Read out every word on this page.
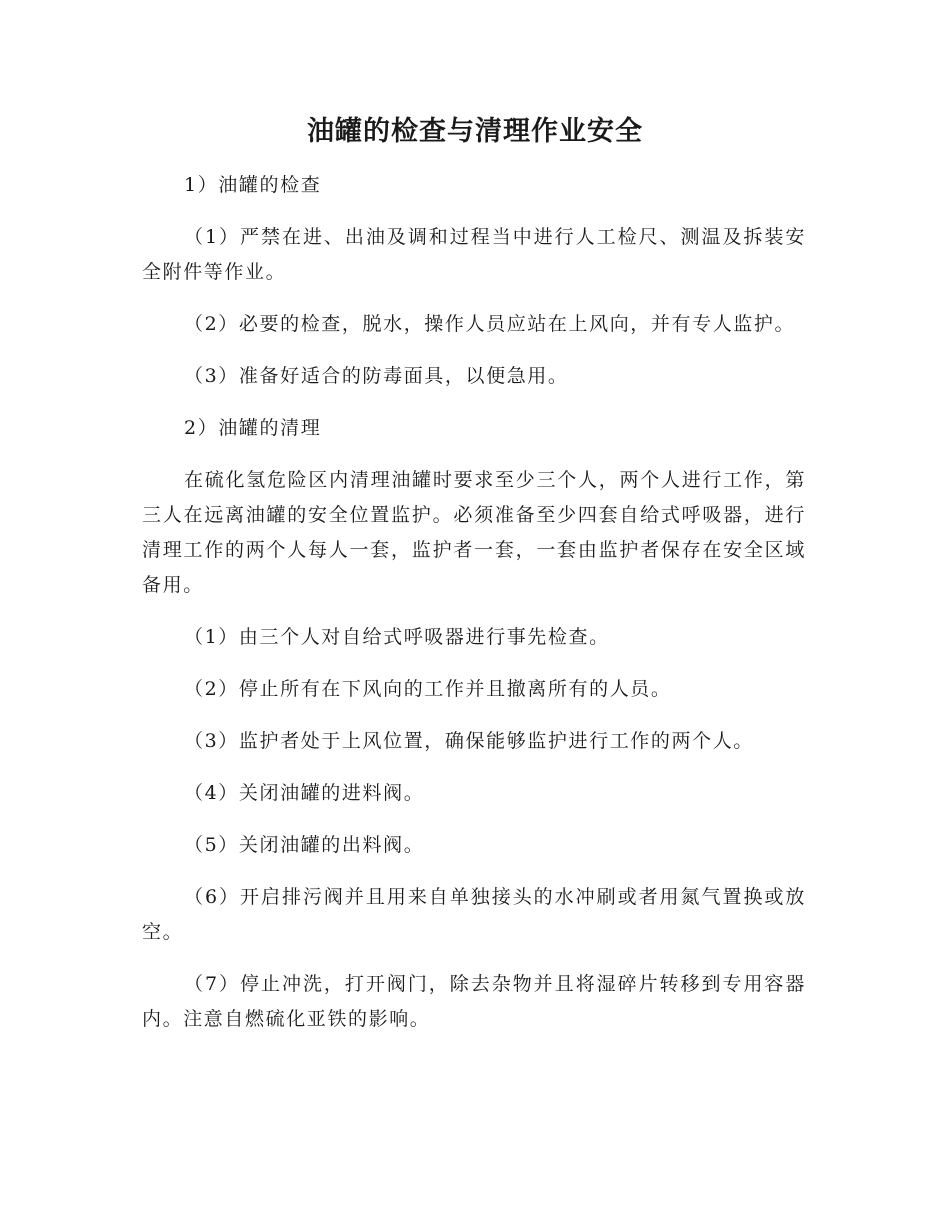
油罐的检查与清理作业安全

1）油罐的检查

（1）严禁在进、出油及调和过程当中进行人工检尺、测温及拆装安全附件等作业。

（2）必要的检查，脱水，操作人员应站在上风向，并有专人监护。

（3）准备好适合的防毒面具，以便急用。

2）油罐的清理

在硫化氢危险区内清理油罐时要求至少三个人，两个人进行工作，第三人在远离油罐的安全位置监护。必须准备至少四套自给式呼吸器，进行清理工作的两个人每人一套，监护者一套，一套由监护者保存在安全区域备用。

（1）由三个人对自给式呼吸器进行事先检查。

（2）停止所有在下风向的工作并且撤离所有的人员。

（3）监护者处于上风位置，确保能够监护进行工作的两个人。

（4）关闭油罐的进料阀。

（5）关闭油罐的出料阀。

（6）开启排污阀并且用来自单独接头的水冲刷或者用氮气置换或放空。

（7）停止冲洗，打开阀门，除去杂物并且将湿碎片转移到专用容器内。注意自燃硫化亚铁的影响。
